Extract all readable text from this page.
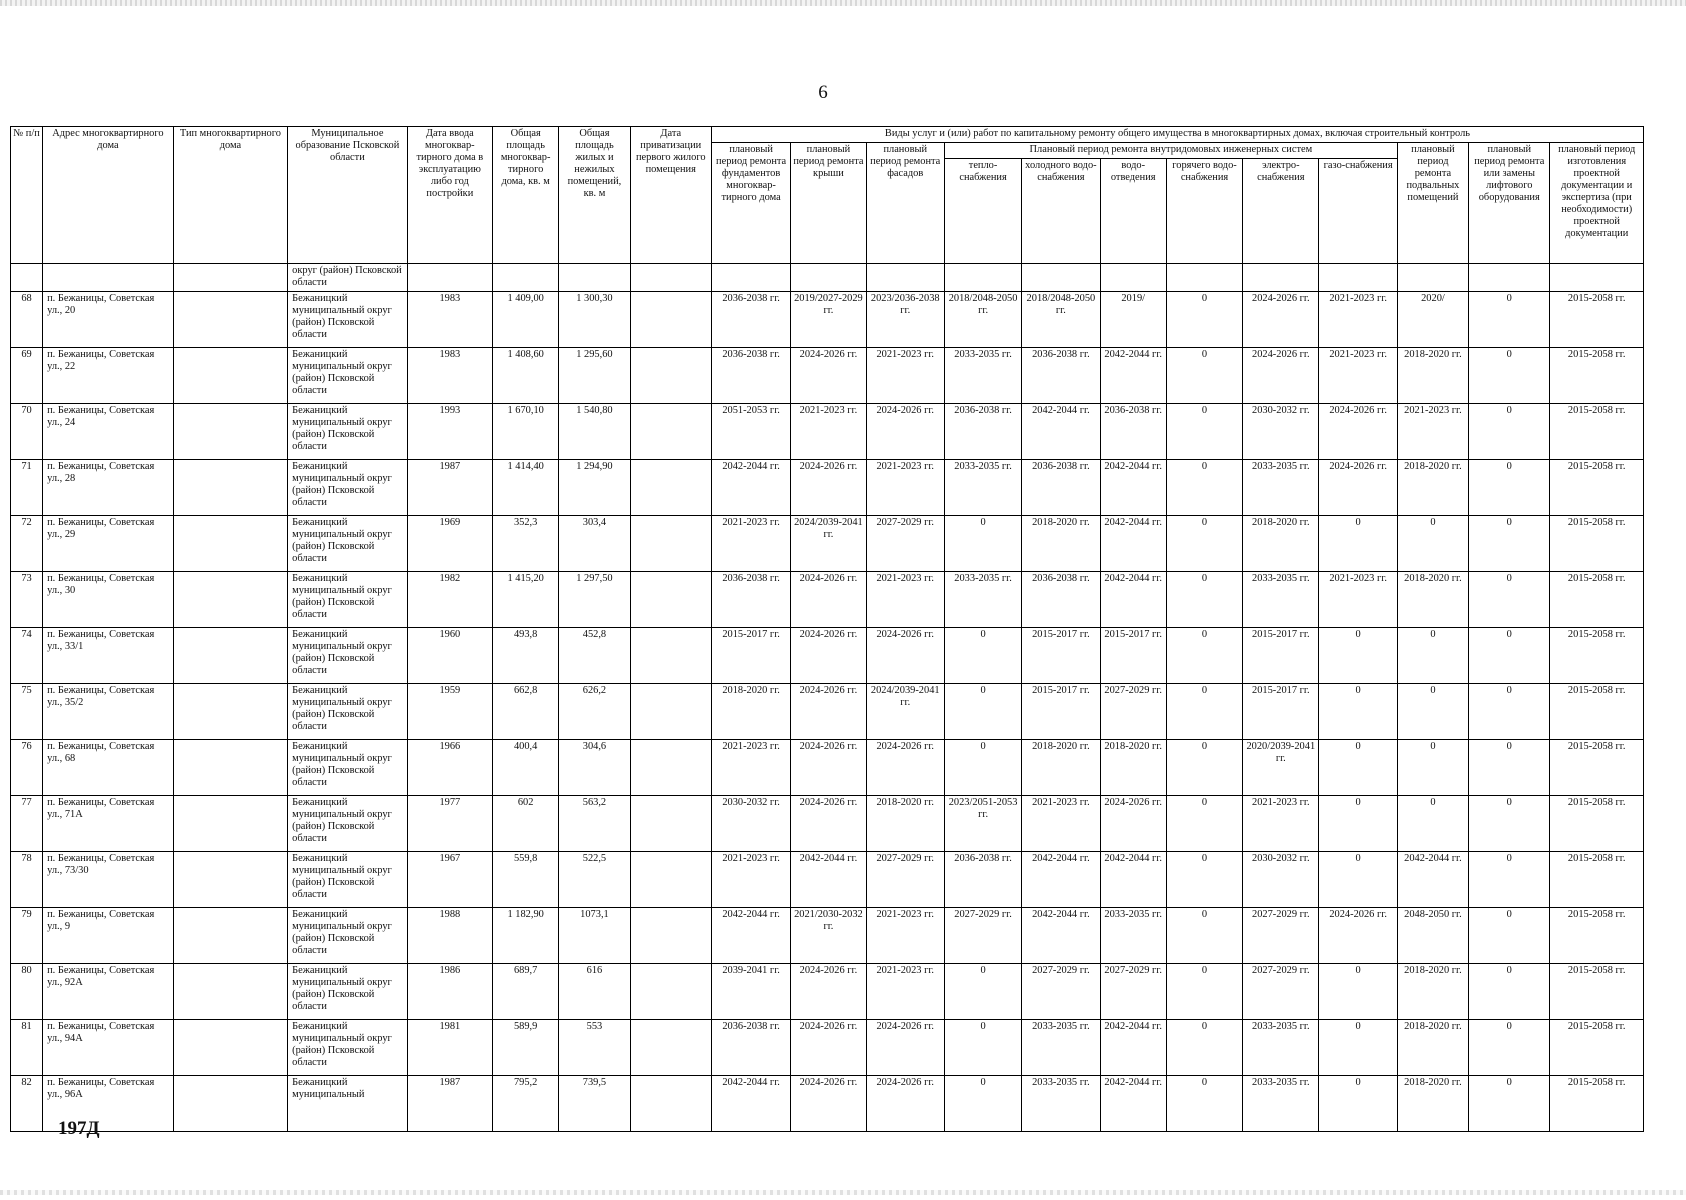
6
№ п/п	Адрес многоквартирного дома	Тип многоквартирного дома	Муниципальное образование Псковской области	Дата ввода многоквар-тирного дома в эксплуатацию либо год постройки	Общая площадь многоквар-тирного дома, кв. м	Общая площадь жилых и нежилых помещений, кв. м	Дата приватизации первого жилого помещения	Виды услуг и (или) работ по капитальному ремонту общего имущества в многоквартирных домах, включая строительный контроль											
								плановый период ремонта фундаментов многоквар-тирного дома	плановый период ремонта крыши	плановый период ремонта фасадов	Плановый период ремонта внутридомовых инженерных систем						плановый период ремонта подвальных помещений	плановый период ремонта или замены лифтового оборудования	плановый период изготовления проектной документации и экспертиза (при необходимости) проектной документации
											тепло-снабжения	холодного водо-снабжения	водо-отведения	горячего водо-снабжения	электро-снабжения	газо-снабжения			
			округ (район) Псковской области																
68	п. Бежаницы, Советская ул., 20		Бежаницкий муниципальный округ (район) Псковской области	1983	1 409,00	1 300,30		2036-2038 гг.	2019/2027-2029 гг.	2023/2036-2038 гг.	2018/2048-2050 гг.	2018/2048-2050 гг.	2019/	0	2024-2026 гг.	2021-2023 гг.	2020/	0	2015-2058 гг.
69	п. Бежаницы, Советская ул., 22		Бежаницкий муниципальный округ (район) Псковской области	1983	1 408,60	1 295,60		2036-2038 гг.	2024-2026 гг.	2021-2023 гг.	2033-2035 гг.	2036-2038 гг.	2042-2044 гг.	0	2024-2026 гг.	2021-2023 гг.	2018-2020 гг.	0	2015-2058 гг.
70	п. Бежаницы, Советская ул., 24		Бежаницкий муниципальный округ (район) Псковской области	1993	1 670,10	1 540,80		2051-2053 гг.	2021-2023 гг.	2024-2026 гг.	2036-2038 гг.	2042-2044 гг.	2036-2038 гг.	0	2030-2032 гг.	2024-2026 гг.	2021-2023 гг.	0	2015-2058 гг.
71	п. Бежаницы, Советская ул., 28		Бежаницкий муниципальный округ (район) Псковской области	1987	1 414,40	1 294,90		2042-2044 гг.	2024-2026 гг.	2021-2023 гг.	2033-2035 гг.	2036-2038 гг.	2042-2044 гг.	0	2033-2035 гг.	2024-2026 гг.	2018-2020 гг.	0	2015-2058 гг.
72	п. Бежаницы, Советская ул., 29		Бежаницкий муниципальный округ (район) Псковской области	1969	352,3	303,4		2021-2023 гг.	2024/2039-2041 гг.	2027-2029 гг.	0	2018-2020 гг.	2042-2044 гг.	0	2018-2020 гг.	0	0	0	2015-2058 гг.
73	п. Бежаницы, Советская ул., 30		Бежаницкий муниципальный округ (район) Псковской области	1982	1 415,20	1 297,50		2036-2038 гг.	2024-2026 гг.	2021-2023 гг.	2033-2035 гг.	2036-2038 гг.	2042-2044 гг.	0	2033-2035 гг.	2021-2023 гг.	2018-2020 гг.	0	2015-2058 гг.
74	п. Бежаницы, Советская ул., 33/1		Бежаницкий муниципальный округ (район) Псковской области	1960	493,8	452,8		2015-2017 гг.	2024-2026 гг.	2024-2026 гг.	0	2015-2017 гг.	2015-2017 гг.	0	2015-2017 гг.	0	0	0	2015-2058 гг.
75	п. Бежаницы, Советская ул., 35/2		Бежаницкий муниципальный округ (район) Псковской области	1959	662,8	626,2		2018-2020 гг.	2024-2026 гг.	2024/2039-2041 гг.	0	2015-2017 гг.	2027-2029 гг.	0	2015-2017 гг.	0	0	0	2015-2058 гг.
76	п. Бежаницы, Советская ул., 68		Бежаницкий муниципальный округ (район) Псковской области	1966	400,4	304,6		2021-2023 гг.	2024-2026 гг.	2024-2026 гг.	0	2018-2020 гг.	2018-2020 гг.	0	2020/2039-2041 гг.	0	0	0	2015-2058 гг.
77	п. Бежаницы, Советская ул., 71А		Бежаницкий муниципальный округ (район) Псковской области	1977	602	563,2		2030-2032 гг.	2024-2026 гг.	2018-2020 гг.	2023/2051-2053 гг.	2021-2023 гг.	2024-2026 гг.	0	2021-2023 гг.	0	0	0	2015-2058 гг.
78	п. Бежаницы, Советская ул., 73/30		Бежаницкий муниципальный округ (район) Псковской области	1967	559,8	522,5		2021-2023 гг.	2042-2044 гг.	2027-2029 гг.	2036-2038 гг.	2042-2044 гг.	2042-2044 гг.	0	2030-2032 гг.	0	2042-2044 гг.	0	2015-2058 гг.
79	п. Бежаницы, Советская ул., 9		Бежаницкий муниципальный округ (район) Псковской области	1988	1 182,90	1073,1		2042-2044 гг.	2021/2030-2032 гг.	2021-2023 гг.	2027-2029 гг.	2042-2044 гг.	2033-2035 гг.	0	2027-2029 гг.	2024-2026 гг.	2048-2050 гг.	0	2015-2058 гг.
80	п. Бежаницы, Советская ул., 92А		Бежаницкий муниципальный округ (район) Псковской области	1986	689,7	616		2039-2041 гг.	2024-2026 гг.	2021-2023 гг.	0	2027-2029 гг.	2027-2029 гг.	0	2027-2029 гг.	0	2018-2020 гг.	0	2015-2058 гг.
81	п. Бежаницы, Советская ул., 94А		Бежаницкий муниципальный округ (район) Псковской области	1981	589,9	553		2036-2038 гг.	2024-2026 гг.	2024-2026 гг.	0	2033-2035 гг.	2042-2044 гг.	0	2033-2035 гг.	0	2018-2020 гг.	0	2015-2058 гг.
82	п. Бежаницы, Советская ул., 96А		Бежаницкий муниципальный	1987	795,2	739,5		2042-2044 гг.	2024-2026 гг.	2024-2026 гг.	0	2033-2035 гг.	2042-2044 гг.	0	2033-2035 гг.	0	2018-2020 гг.	0	2015-2058 гг.
197Д
